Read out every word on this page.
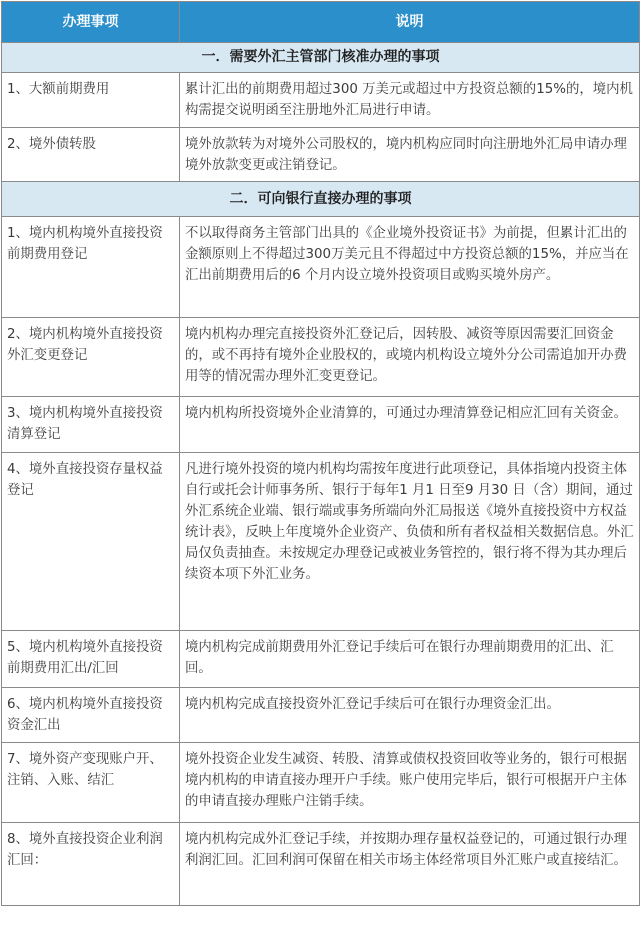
办理事项	说明
一．需要外汇主管部门核准办理的事项	

1、大额前期费用	累计汇出的前期费用超过300 万美元或超过中方投资总额的15%的，境内机构需提交说明函至注册地外汇局进行申请。

2、境外债转股	境外放款转为对境外公司股权的，境内机构应同时向注册地外汇局申请办理境外放款变更或注销登记。

二．可向银行直接办理的事项	

1、境内机构境外直接投资前期费用登记	不以取得商务主管部门出具的《企业境外投资证书》为前提，但累计汇出的金额原则上不得超过300万美元且不得超过中方投资总额的15%，并应当在汇出前期费用后的6 个月内设立境外投资项目或购买境外房产。

2、境内机构境外直接投资外汇变更登记	境内机构办理完直接投资外汇登记后，因转股、减资等原因需要汇回资金的，或不再持有境外企业股权的，或境内机构设立境外分公司需追加开办费用等的情况需办理外汇变更登记。

3、境内机构境外直接投资清算登记	境内机构所投资境外企业清算的，可通过办理清算登记相应汇回有关资金。

4、境外直接投资存量权益登记	凡进行境外投资的境内机构均需按年度进行此项登记，具体指境内投资主体自行或托会计师事务所、银行于每年1 月1 日至9 月30 日（含）期间，通过外汇系统企业端、银行端或事务所端向外汇局报送《境外直接投资中方权益统计表》，反映上年度境外企业资产、负债和所有者权益相关数据信息。外汇局仅负责抽查。未按规定办理登记或被业务管控的，银行将不得为其办理后续资本项下外汇业务。

5、境内机构境外直接投资前期费用汇出/汇回	境内机构完成前期费用外汇登记手续后可在银行办理前期费用的汇出、汇回。

6、境内机构境外直接投资资金汇出	境内机构完成直接投资外汇登记手续后可在银行办理资金汇出。

7、境外资产变现账户开、注销、入账、结汇	境外投资企业发生减资、转股、清算或债权投资回收等业务的，银行可根据境内机构的申请直接办理开户手续。账户使用完毕后，银行可根据开户主体的申请直接办理账户注销手续。

8、境外直接投资企业利润汇回：	境内机构完成外汇登记手续，并按期办理存量权益登记的，可通过银行办理利润汇回。汇回利润可保留在相关市场主体经常项目外汇账户或直接结汇。
